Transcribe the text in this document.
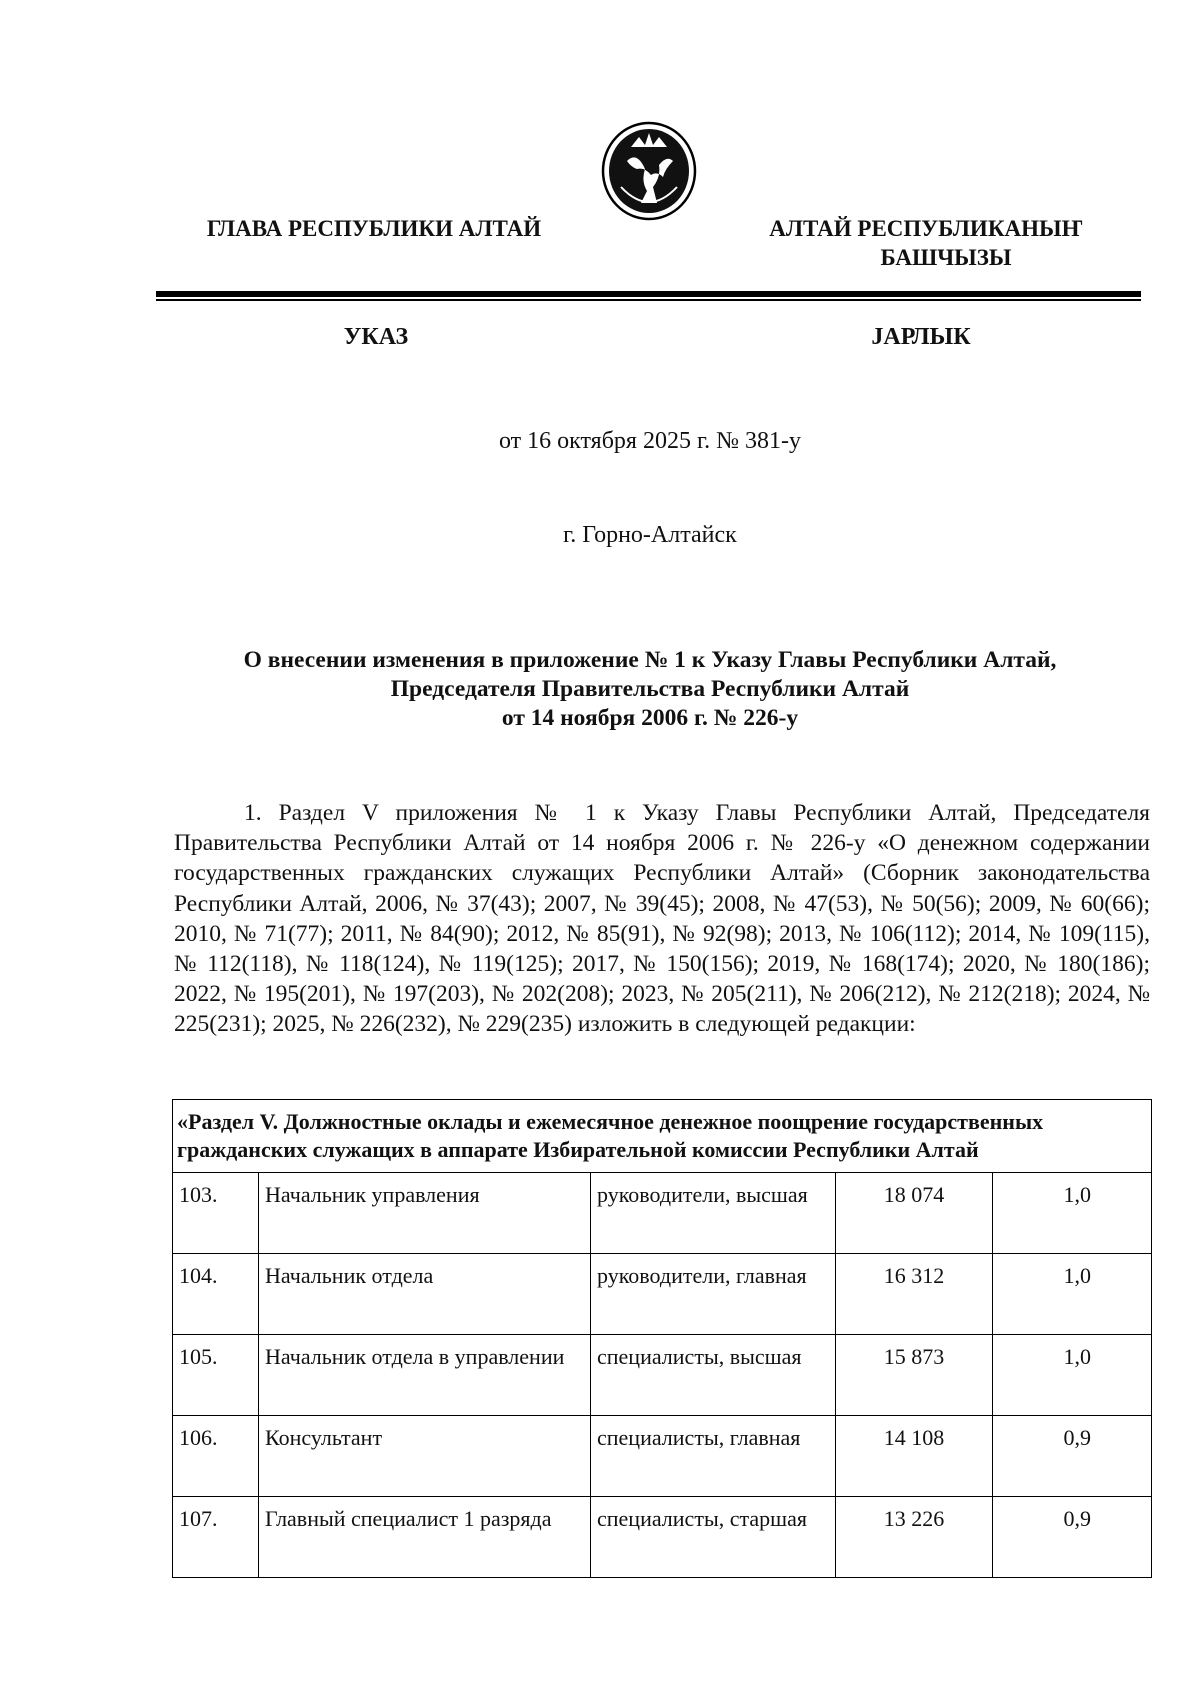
ГЛАВА РЕСПУБЛИКИ АЛТАЙ	АЛТАЙ РЕСПУБЛИКАНЫҤ
БАШЧЫЗЫ
УКАЗ	ЈАРЛЫК
от 16 октября 2025 г. № 381-у
г. Горно-Алтайск
О внесении изменения в приложение № 1 к Указу Главы Республики Алтай,
Председателя Правительства Республики Алтай
от 14 ноября 2006 г. № 226-у
1. Раздел V приложения № 1 к Указу Главы Республики Алтай, Председателя Правительства Республики Алтай от 14 ноября 2006 г. № 226-у «О денежном содержании государственных гражданских служащих Республики Алтай» (Сборник законодательства Республики Алтай, 2006, № 37(43); 2007, № 39(45); 2008, № 47(53), № 50(56); 2009, № 60(66); 2010, № 71(77); 2011, № 84(90); 2012, № 85(91), № 92(98); 2013, № 106(112); 2014, № 109(115), № 112(118), № 118(124), № 119(125); 2017, № 150(156); 2019, № 168(174); 2020, № 180(186); 2022, № 195(201), № 197(203), № 202(208); 2023, № 205(211), № 206(212), № 212(218); 2024, № 225(231); 2025, № 226(232), № 229(235) изложить в следующей редакции:
«Раздел V. Должностные оклады и ежемесячное денежное поощрение государственных гражданских служащих в аппарате Избирательной комиссии Республики Алтай				
103.	Начальник управления	руководители, высшая	18 074	1,0
104.	Начальник отдела	руководители, главная	16 312	1,0
105.	Начальник отдела в управлении	специалисты, высшая	15 873	1,0
106.	Консультант	специалисты, главная	14 108	0,9
107.	Главный специалист 1 разряда	специалисты, старшая	13 226	0,9
